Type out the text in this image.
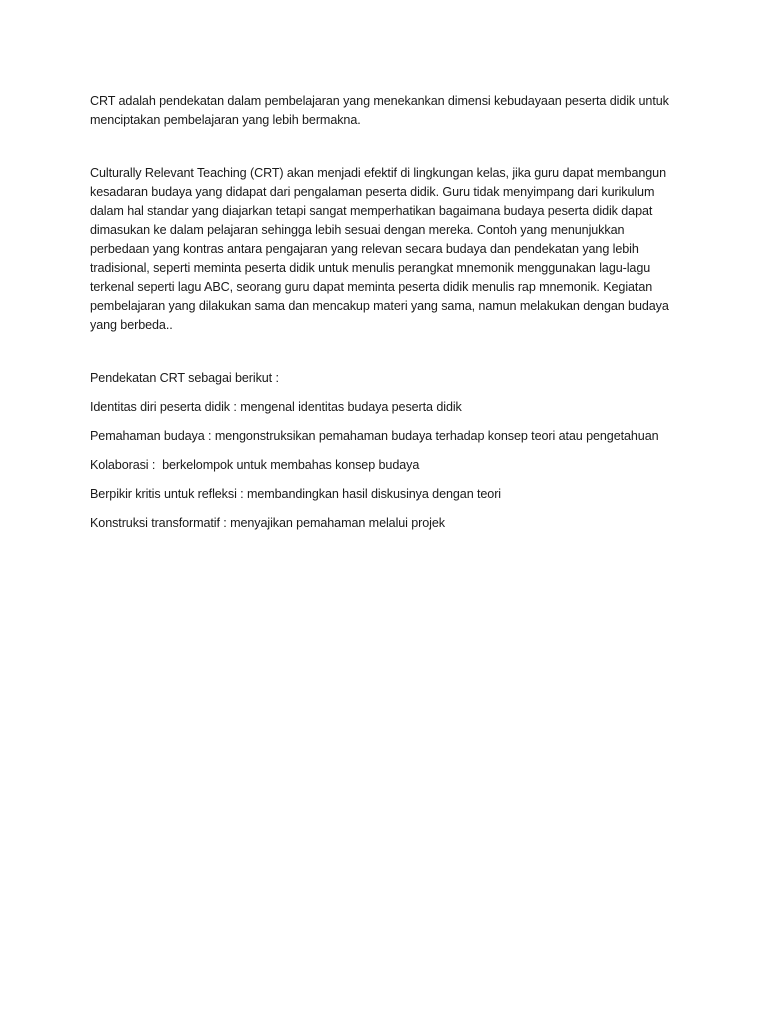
CRT adalah pendekatan dalam pembelajaran yang menekankan dimensi kebudayaan peserta didik untuk menciptakan pembelajaran yang lebih bermakna.

Culturally Relevant Teaching (CRT) akan menjadi efektif di lingkungan kelas, jika guru dapat membangun kesadaran budaya yang didapat dari pengalaman peserta didik. Guru tidak menyimpang dari kurikulum dalam hal standar yang diajarkan tetapi sangat memperhatikan bagaimana budaya peserta didik dapat dimasukan ke dalam pelajaran sehingga lebih sesuai dengan mereka. Contoh yang menunjukkan perbedaan yang kontras antara pengajaran yang relevan secara budaya dan pendekatan yang lebih tradisional, seperti meminta peserta didik untuk menulis perangkat mnemonik menggunakan lagu-lagu terkenal seperti lagu ABC, seorang guru dapat meminta peserta didik menulis rap mnemonik. Kegiatan pembelajaran yang dilakukan sama dan mencakup materi yang sama, namun melakukan dengan budaya yang berbeda..

Pendekatan CRT sebagai berikut :

Identitas diri peserta didik : mengenal identitas budaya peserta didik

Pemahaman budaya : mengonstruksikan pemahaman budaya terhadap konsep teori atau pengetahuan

Kolaborasi :  berkelompok untuk membahas konsep budaya

Berpikir kritis untuk refleksi : membandingkan hasil diskusinya dengan teori

Konstruksi transformatif : menyajikan pemahaman melalui projek
